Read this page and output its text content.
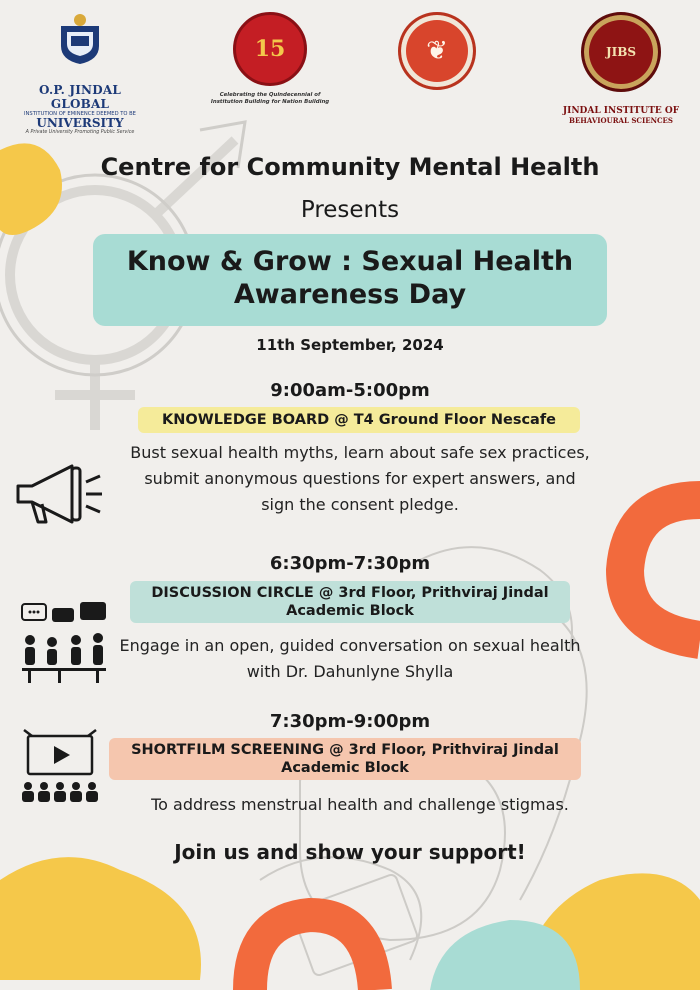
O.P. JINDAL GLOBAL
INSTITUTION OF EMINENCE DEEMED TO BE
UNIVERSITY
A Private University Promoting Public Service
15
Celebrating the Quindecennial of Institution Building for Nation Building
❦	JIBS
JINDAL INSTITUTE OF
BEHAVIOURAL SCIENCES
Centre for Community Mental Health
Presents
Know & Grow : Sexual Health
Awareness Day
11th September, 2024
9:00am-5:00pm
KNOWLEDGE BOARD @ T4 Ground Floor Nescafe
Bust sexual health myths, learn about safe sex practices, submit anonymous questions for expert answers, and sign the consent pledge.
6:30pm-7:30pm
DISCUSSION CIRCLE @ 3rd Floor, Prithviraj Jindal
Academic Block
Engage in an open, guided conversation on sexual health with Dr. Dahunlyne Shylla
7:30pm-9:00pm
SHORTFILM SCREENING @ 3rd Floor, Prithviraj Jindal
Academic Block
To address menstrual health and challenge stigmas.
Join us and show your support!
